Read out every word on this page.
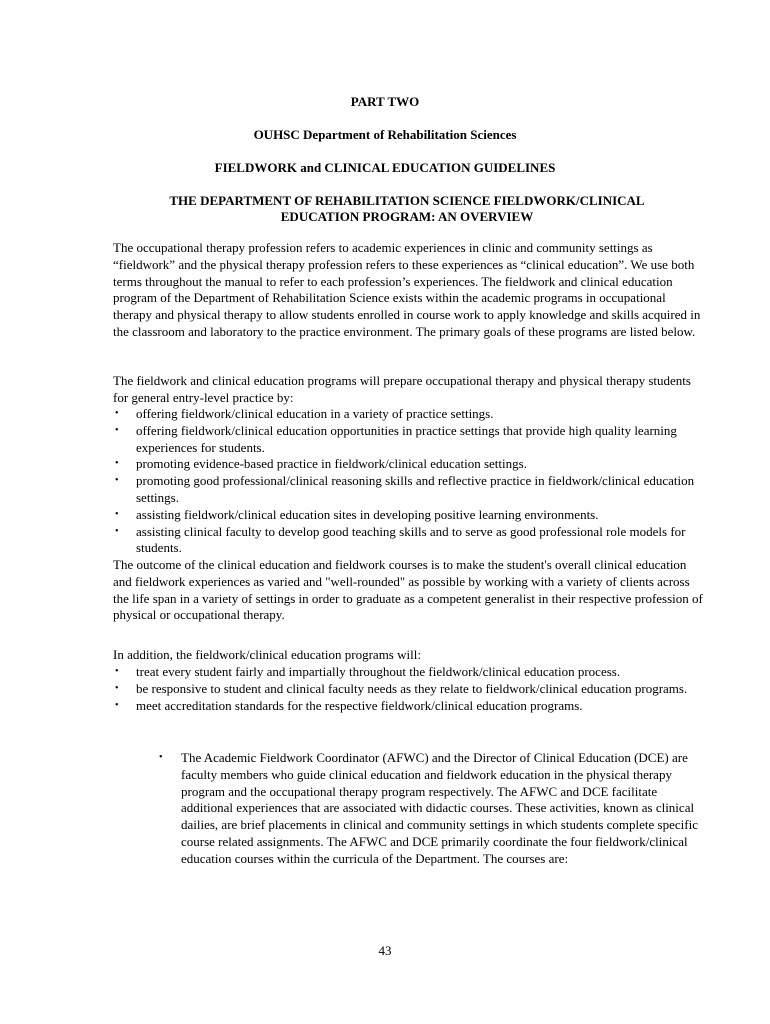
PART TWO
OUHSC Department of Rehabilitation Sciences
FIELDWORK and CLINICAL EDUCATION GUIDELINES
THE DEPARTMENT OF REHABILITATION SCIENCE FIELDWORK/CLINICAL
EDUCATION PROGRAM: AN OVERVIEW

The occupational therapy profession refers to academic experiences in clinic and community settings as “fieldwork” and the physical therapy profession refers to these experiences as “clinical education”. We use both terms throughout the manual to refer to each profession’s experiences. The fieldwork and clinical education program of the Department of Rehabilitation Science exists within the academic programs in occupational therapy and physical therapy to allow students enrolled in course work to apply knowledge and skills acquired in the classroom and laboratory to the practice environment. The primary goals of these programs are listed below.

The fieldwork and clinical education programs will prepare occupational therapy and physical therapy students for general entry-level practice by:

• offering fieldwork/clinical education in a variety of practice settings.
• offering fieldwork/clinical education opportunities in practice settings that provide high quality learning experiences for students.
• promoting evidence-based practice in fieldwork/clinical education settings.
• promoting good professional/clinical reasoning skills and reflective practice in fieldwork/clinical education settings.
• assisting fieldwork/clinical education sites in developing positive learning environments.
• assisting clinical faculty to develop good teaching skills and to serve as good professional role models for students.

The outcome of the clinical education and fieldwork courses is to make the student's overall clinical education and fieldwork experiences as varied and "well-rounded" as possible by working with a variety of clients across the life span in a variety of settings in order to graduate as a competent generalist in their respective profession of physical or occupational therapy.

In addition, the fieldwork/clinical education programs will:

• treat every student fairly and impartially throughout the fieldwork/clinical education process.
• be responsive to student and clinical faculty needs as they relate to fieldwork/clinical education programs.
• meet accreditation standards for the respective fieldwork/clinical education programs.
• The Academic Fieldwork Coordinator (AFWC) and the Director of Clinical Education (DCE) are faculty members who guide clinical education and fieldwork education in the physical therapy program and the occupational therapy program respectively. The AFWC and DCE facilitate additional experiences that are associated with didactic courses. These activities, known as clinical dailies, are brief placements in clinical and community settings in which students complete specific course related assignments. The AFWC and DCE primarily coordinate the four fieldwork/clinical education courses within the curricula of the Department. The courses are:
43
